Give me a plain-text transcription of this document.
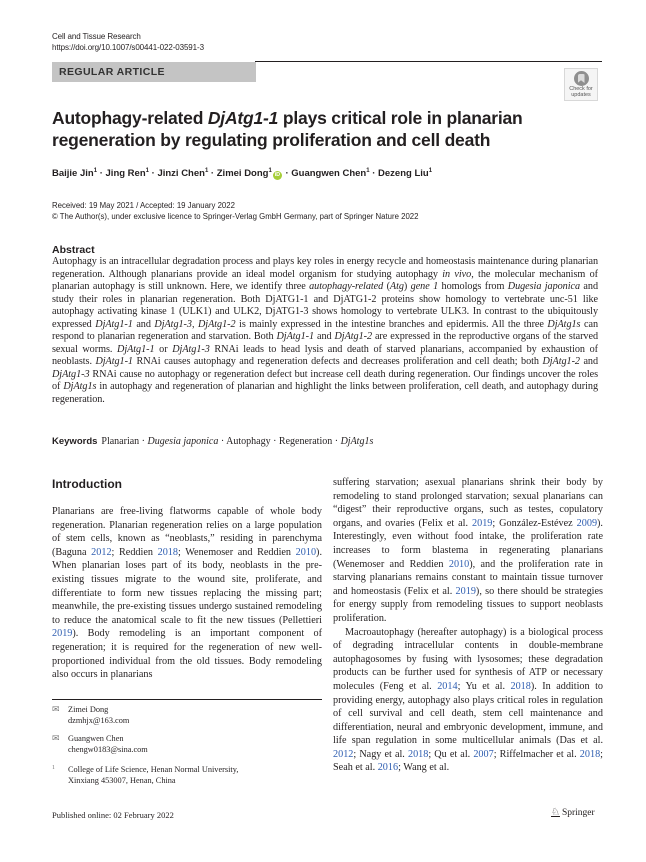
Cell and Tissue Research
https://doi.org/10.1007/s00441-022-03591-3
REGULAR ARTICLE
Check for
updates
Autophagy-related DjAtg1-1 plays critical role in planarian regeneration by regulating proliferation and cell death
Baijie Jin$^1$ · Jing Ren$^1$ · Jinzi Chen$^1$ · Zimei Dong$^1$iD · Guangwen Chen$^1$ · Dezeng Liu$^1$
Received: 19 May 2021 / Accepted: 19 January 2022
© The Author(s), under exclusive licence to Springer-Verlag GmbH Germany, part of Springer Nature 2022
Abstract
Autophagy is an intracellular degradation process and plays key roles in energy recycle and homeostasis maintenance during planarian regeneration. Although planarians provide an ideal model organism for studying autophagy in vivo, the molecular mechanism of planarian autophagy is still unknown. Here, we identify three autophagy-related (Atg) gene 1 homologs from Dugesia japonica and study their roles in planarian regeneration. Both DjATG1-1 and DjATG1-2 proteins show homology to vertebrate unc-51 like autophagy activating kinase 1 (ULK1) and ULK2, DjATG1-3 shows homology to vertebrate ULK3. In contrast to the ubiquitously expressed DjAtg1-1 and DjAtg1-3, DjAtg1-2 is mainly expressed in the intestine branches and epidermis. All the three DjAtg1s can respond to planarian regeneration and starvation. Both DjAtg1-1 and DjAtg1-2 are expressed in the reproductive organs of the starved sexual worms. DjAtg1-1 or DjAtg1-3 RNAi leads to head lysis and death of starved planarians, accompanied by exhaustion of neoblasts. DjAtg1-1 RNAi causes autophagy and regeneration defects and decreases proliferation and cell death; both DjAtg1-2 and DjAtg1-3 RNAi cause no autophagy or regeneration defect but increase cell death during regeneration. Our findings uncover the roles of DjAtg1s in autophagy and regeneration of planarian and highlight the links between proliferation, cell death, and autophagy during regeneration.
Keywords Planarian · Dugesia japonica · Autophagy · Regeneration · DjAtg1s
Introduction

Planarians are free-living flatworms capable of whole body regeneration. Planarian regeneration relies on a large population of stem cells, known as “neoblasts,” residing in parenchyma (Baguna 2012; Reddien 2018; Wenemoser and Reddien 2010). When planarian loses part of its body, neoblasts in the pre-existing tissues migrate to the wound site, proliferate, and differentiate to form new tissues replacing the missing part; meanwhile, the pre-existing tissues undergo sustained remodeling to reduce the anatomical scale to fit the new tissues (Pellettieri 2019). Body remodeling is an important component of regeneration; it is required for the regeneration of new well-proportioned individual from the old tissues. Body remodeling also occurs in planarians

suffering starvation; asexual planarians shrink their body by remodeling to stand prolonged starvation; sexual planarians can “digest” their reproductive organs, such as testes, copulatory organs, and ovaries (Felix et al. 2019; González-Estévez 2009). Interestingly, even without food intake, the proliferation rate increases to form blastema in regenerating planarians (Wenemoser and Reddien 2010), and the proliferation rate in starving planarians remains constant to maintain tissue turnover and homeostasis (Felix et al. 2019), so there should be strategies for energy supply from remodeling tissues to support neoblasts proliferation.

Macroautophagy (hereafter autophagy) is a biological process of degrading intracellular contents in double-membrane autophagosomes by fusing with lysosomes; these degradation products can be further used for synthesis of ATP or necessary molecules (Feng et al. 2014; Yu et al. 2018). In addition to providing energy, autophagy also plays critical roles in regulation of cell survival and cell death, stem cell maintenance and differentiation, neural and embryonic development, immune, and life span regulation in some multicellular animals (Das et al. 2012; Nagy et al. 2018; Qu et al. 2007; Riffelmacher et al. 2018; Seah et al. 2016; Wang et al.

✉ Zimei Dong
dzmhjx@163.com
✉ Guangwen Chen
chengw0183@sina.com
1 College of Life Science, Henan Normal University,
Xinxiang 453007, Henan, China
Published online: 02 February 2022	♘ Springer
